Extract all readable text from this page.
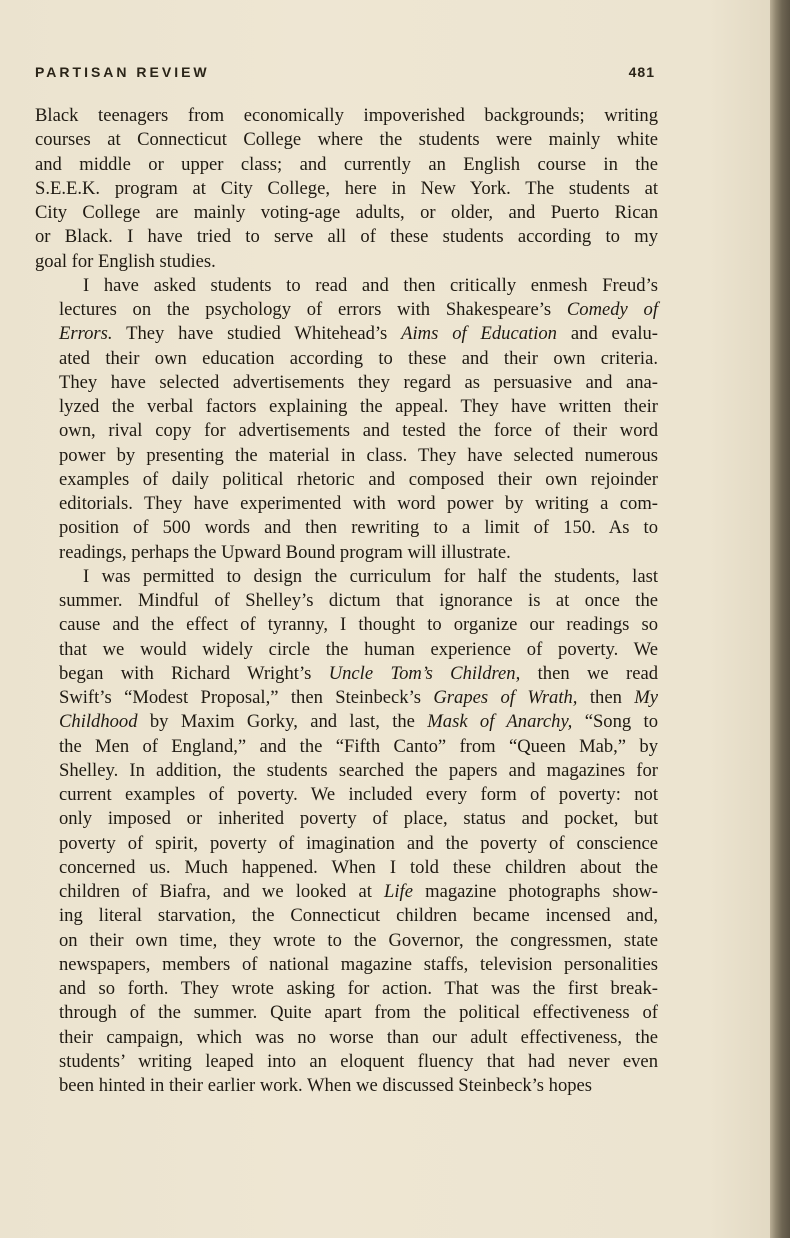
PARTISAN REVIEW	481
Black teenagers from economically impoverished backgrounds; writing
courses at Connecticut College where the students were mainly white
and middle or upper class; and currently an English course in the
S.E.E.K. program at City College, here in New York. The students at
City College are mainly voting-age adults, or older, and Puerto Rican
or Black. I have tried to serve all of these students according to my
goal for English studies.
I have asked students to read and then critically enmesh Freud’s
lectures on the psychology of errors with Shakespeare’s Comedy of
Errors. They have studied Whitehead’s Aims of Education and evalu-
ated their own education according to these and their own criteria.
They have selected advertisements they regard as persuasive and ana-
lyzed the verbal factors explaining the appeal. They have written their
own, rival copy for advertisements and tested the force of their word
power by presenting the material in class. They have selected numerous
examples of daily political rhetoric and composed their own rejoinder
editorials. They have experimented with word power by writing a com-
position of 500 words and then rewriting to a limit of 150. As to
readings, perhaps the Upward Bound program will illustrate.
I was permitted to design the curriculum for half the students, last
summer. Mindful of Shelley’s dictum that ignorance is at once the
cause and the effect of tyranny, I thought to organize our readings so
that we would widely circle the human experience of poverty. We
began with Richard Wright’s Uncle Tom’s Children, then we read
Swift’s “Modest Proposal,” then Steinbeck’s Grapes of Wrath, then My
Childhood by Maxim Gorky, and last, the Mask of Anarchy, “Song to
the Men of England,” and the “Fifth Canto” from “Queen Mab,” by
Shelley. In addition, the students searched the papers and magazines for
current examples of poverty. We included every form of poverty: not
only imposed or inherited poverty of place, status and pocket, but
poverty of spirit, poverty of imagination and the poverty of conscience
concerned us. Much happened. When I told these children about the
children of Biafra, and we looked at Life magazine photographs show-
ing literal starvation, the Connecticut children became incensed and,
on their own time, they wrote to the Governor, the congressmen, state
newspapers, members of national magazine staffs, television personalities
and so forth. They wrote asking for action. That was the first break-
through of the summer. Quite apart from the political effectiveness of
their campaign, which was no worse than our adult effectiveness, the
students’ writing leaped into an eloquent fluency that had never even
been hinted in their earlier work. When we discussed Steinbeck’s hopes
